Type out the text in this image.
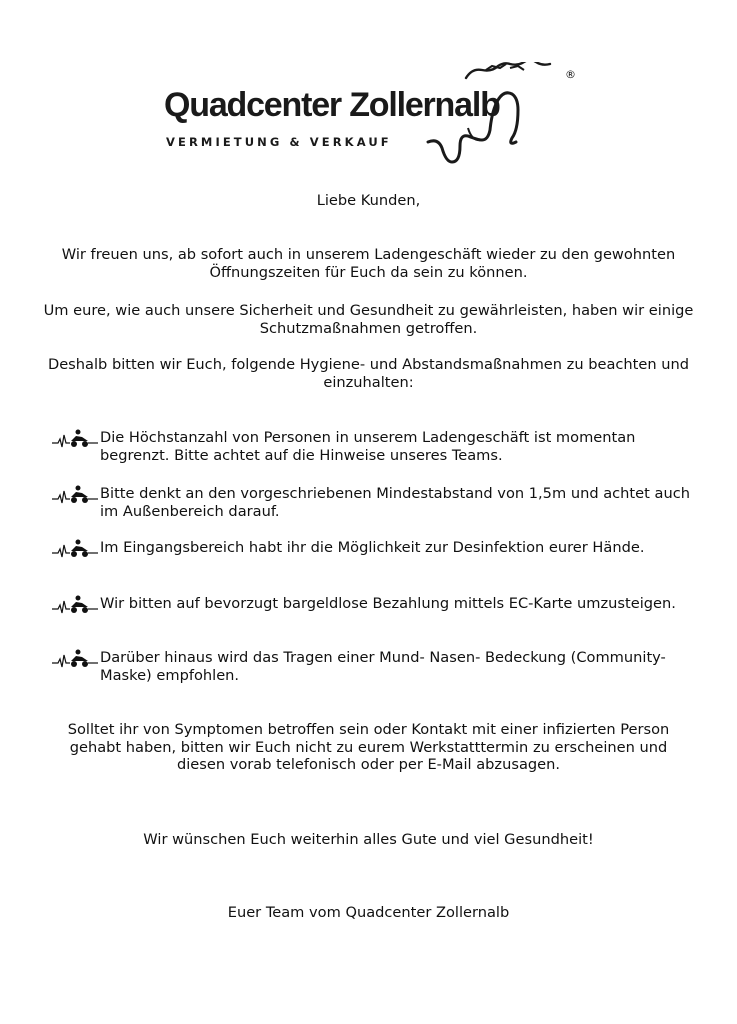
Quadcenter Zollernalb
VERMIETUNG & VERKAUF
®

Liebe Kunden,

Wir freuen uns, ab sofort auch in unserem Ladengeschäft wieder zu den gewohnten Öffnungszeiten für Euch da sein zu können.

Um eure, wie auch unsere Sicherheit und Gesundheit zu gewährleisten, haben wir einige Schutzmaßnahmen getroffen.

Deshalb bitten wir Euch, folgende Hygiene- und Abstandsmaßnahmen zu beachten und einzuhalten:

Die Höchstanzahl von Personen in unserem Ladengeschäft ist momentan begrenzt. Bitte achtet auf die Hinweise unseres Teams.
Bitte denkt an den vorgeschriebenen Mindestabstand von 1,5m und achtet auch im Außenbereich darauf.
Im Eingangsbereich habt ihr die Möglichkeit zur Desinfektion eurer Hände.
Wir bitten auf bevorzugt bargeldlose Bezahlung mittels EC-Karte umzusteigen.
Darüber hinaus wird das Tragen einer Mund- Nasen- Bedeckung (Community-Maske) empfohlen.

Solltet ihr von Symptomen betroffen sein oder Kontakt mit einer infizierten Person gehabt haben, bitten wir Euch nicht zu eurem Werkstatttermin zu erscheinen und diesen vorab telefonisch oder per E-Mail abzusagen.

Wir wünschen Euch weiterhin alles Gute und viel Gesundheit!

Euer Team vom Quadcenter Zollernalb
